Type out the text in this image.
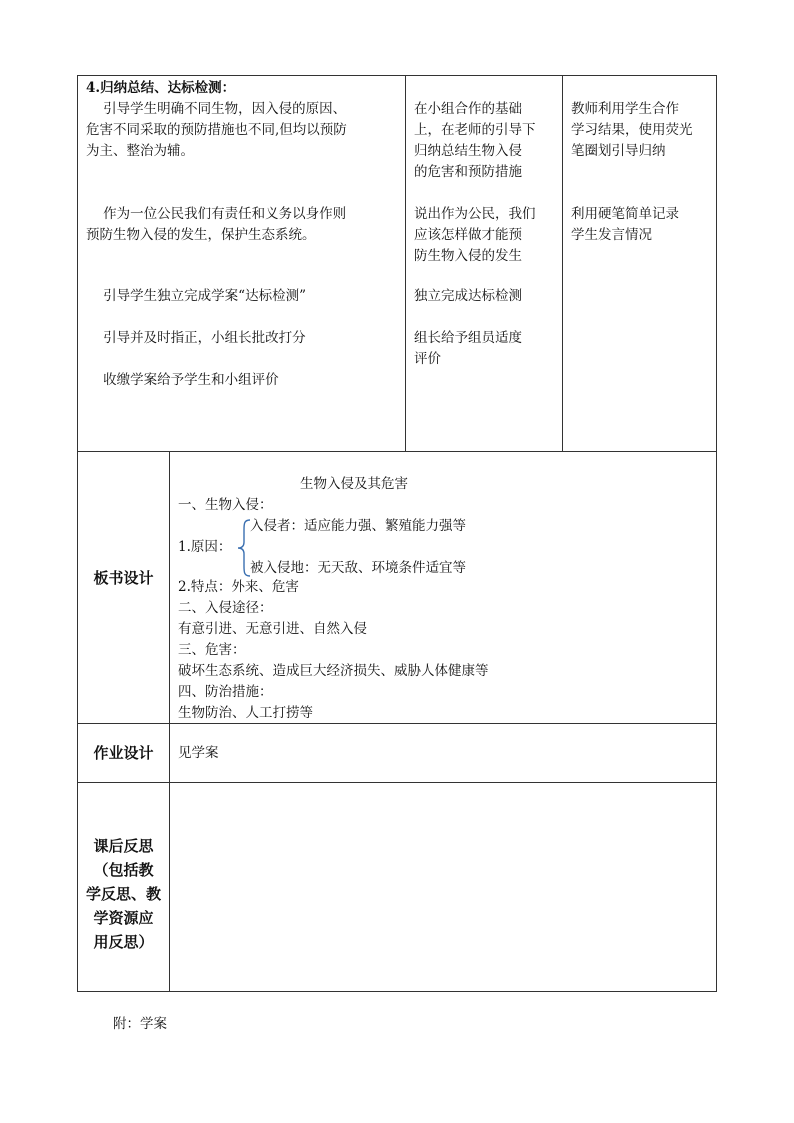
4.归纳总结、达标检测：
引导学生明确不同生物，因入侵的原因、
危害不同采取的预防措施也不同,但均以预防
为主、整治为辅。
作为一位公民我们有责任和义务以身作则
预防生物入侵的发生，保护生态系统。
引导学生独立完成学案“达标检测”
引导并及时指正，小组长批改打分
收缴学案给予学生和小组评价
在小组合作的基础
上，在老师的引导下
归纳总结生物入侵
的危害和预防措施
说出作为公民，我们
应该怎样做才能预
防生物入侵的发生
独立完成达标检测
组长给予组员适度
评价
教师利用学生合作
学习结果，使用荧光
笔圈划引导归纳
利用硬笔简单记录
学生发言情况
板书设计
生物入侵及其危害
一、生物入侵：
1.原因：
入侵者：适应能力强、繁殖能力强等
被入侵地：无天敌、环境条件适宜等
2.特点：外来、危害
二、入侵途径：
有意引进、无意引进、自然入侵
三、危害：
破坏生态系统、造成巨大经济损失、威胁人体健康等
四、防治措施：
生物防治、人工打捞等
作业设计	见学案
课后反思
（包括教
学反思、教
学资源应
用反思）
附：学案
